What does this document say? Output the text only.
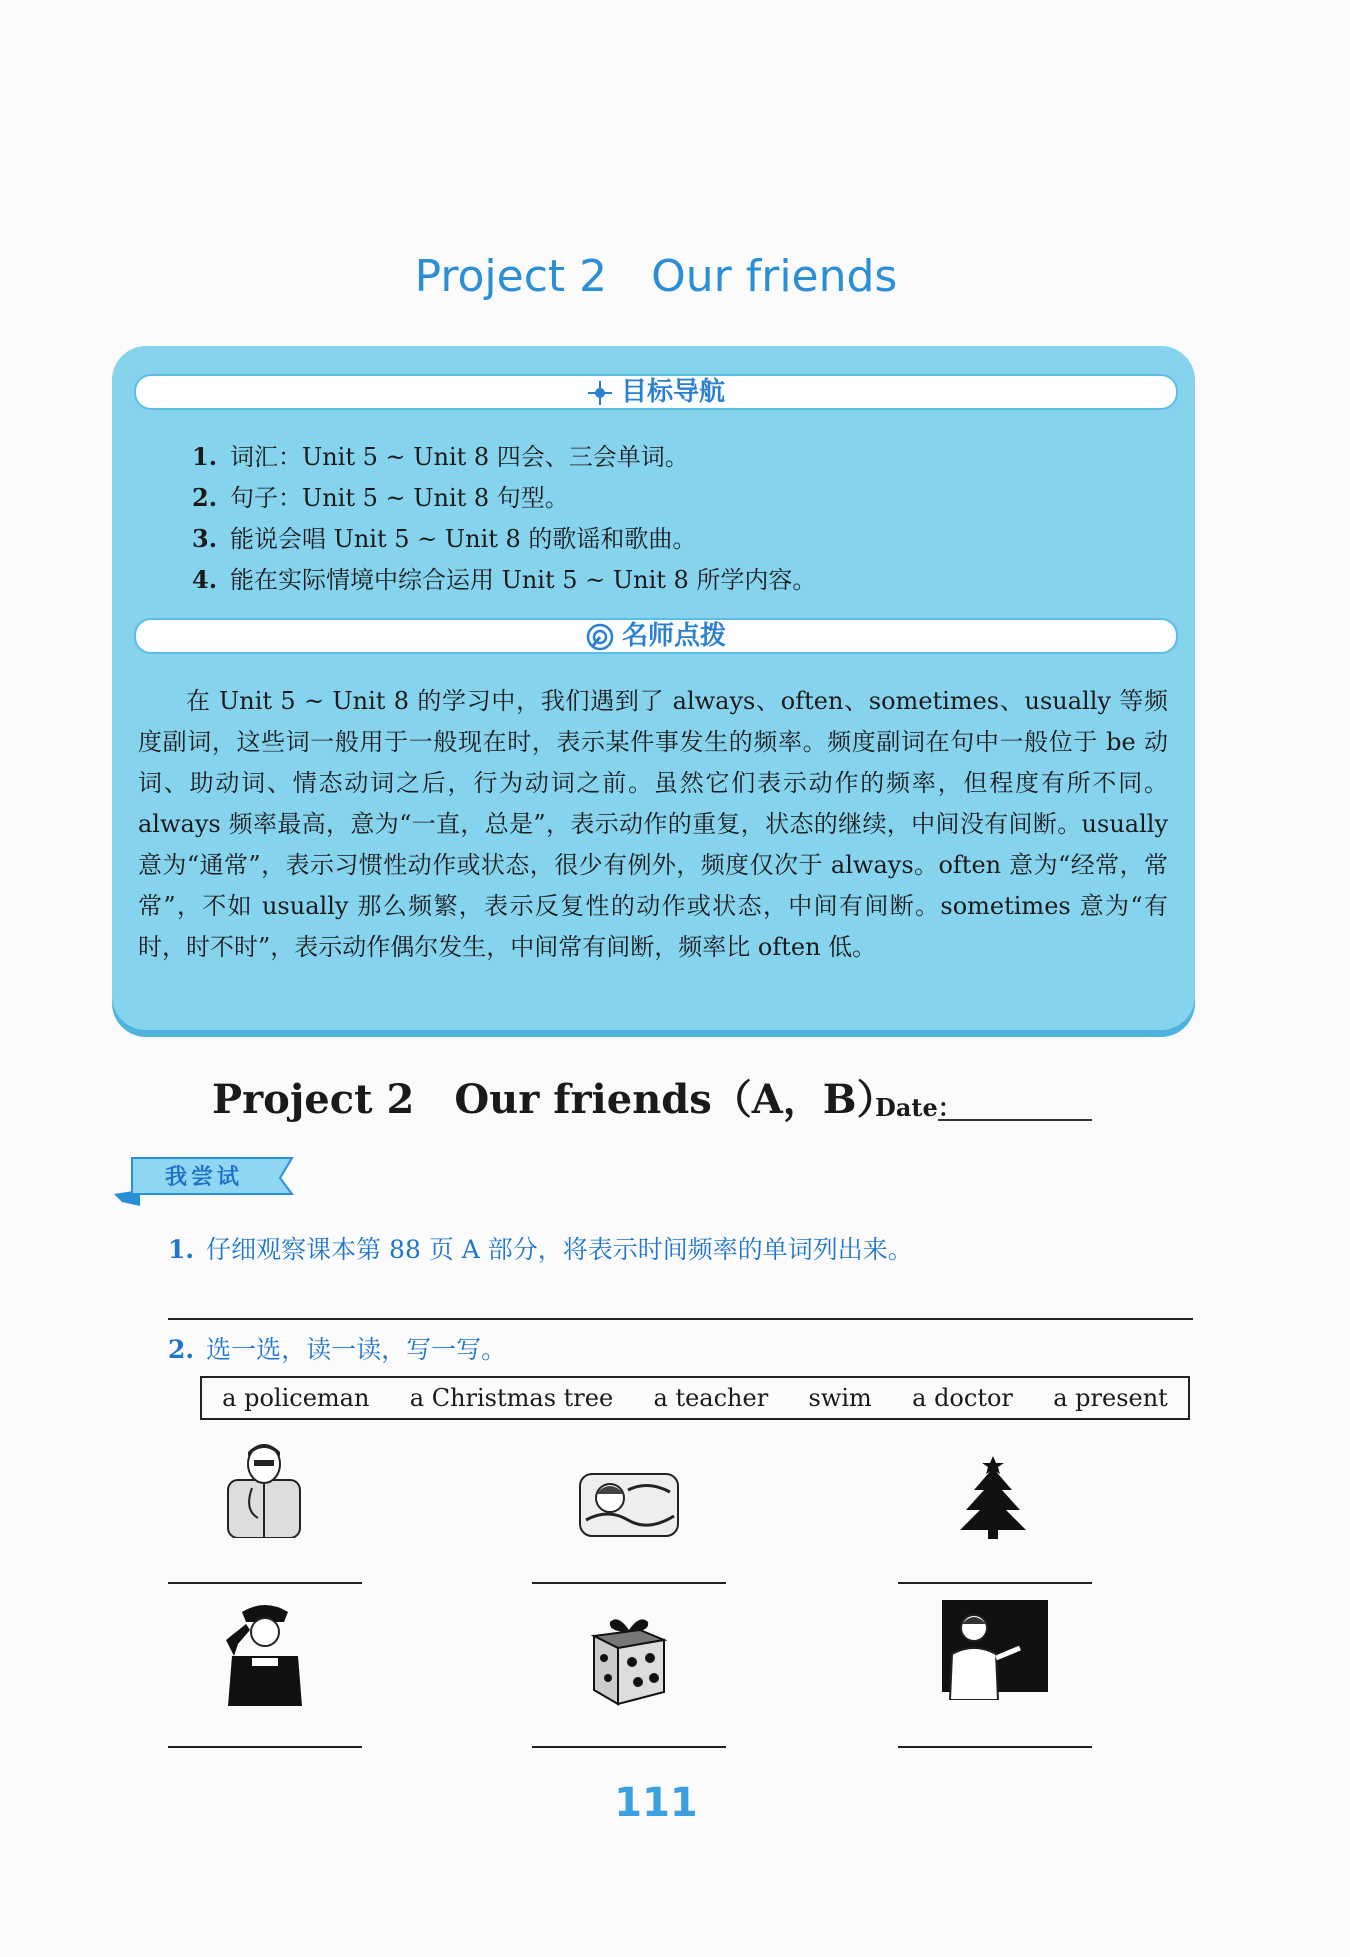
Project 2　Our friends
目标导航
1. 词汇：Unit 5 ~ Unit 8 四会、三会单词。
2. 句子：Unit 5 ~ Unit 8 句型。
3. 能说会唱 Unit 5 ~ Unit 8 的歌谣和歌曲。
4. 能在实际情境中综合运用 Unit 5 ~ Unit 8 所学内容。
名师点拨

在 Unit 5 ~ Unit 8 的学习中，我们遇到了 always、often、sometimes、usually 等频度副词，这些词一般用于一般现在时，表示某件事发生的频率。频度副词在句中一般位于 be 动词、助动词、情态动词之后，行为动词之前。虽然它们表示动作的频率，但程度有所不同。always 频率最高，意为“一直，总是”，表示动作的重复，状态的继续，中间没有间断。usually 意为“通常”，表示习惯性动作或状态，很少有例外，频度仅次于 always。often 意为“经常，常常”，不如 usually 那么频繁，表示反复性的动作或状态，中间有间断。sometimes 意为“有时，时不时”，表示动作偶尔发生，中间常有间断，频率比 often 低。

Project 2　Our friends（A，B）
Date：
我尝试
1. 仔细观察课本第 88 页 A 部分，将表示时间频率的单词列出来。
2. 选一选，读一读，写一写。
a policeman a Christmas tree a teacher swim a doctor a present
111
